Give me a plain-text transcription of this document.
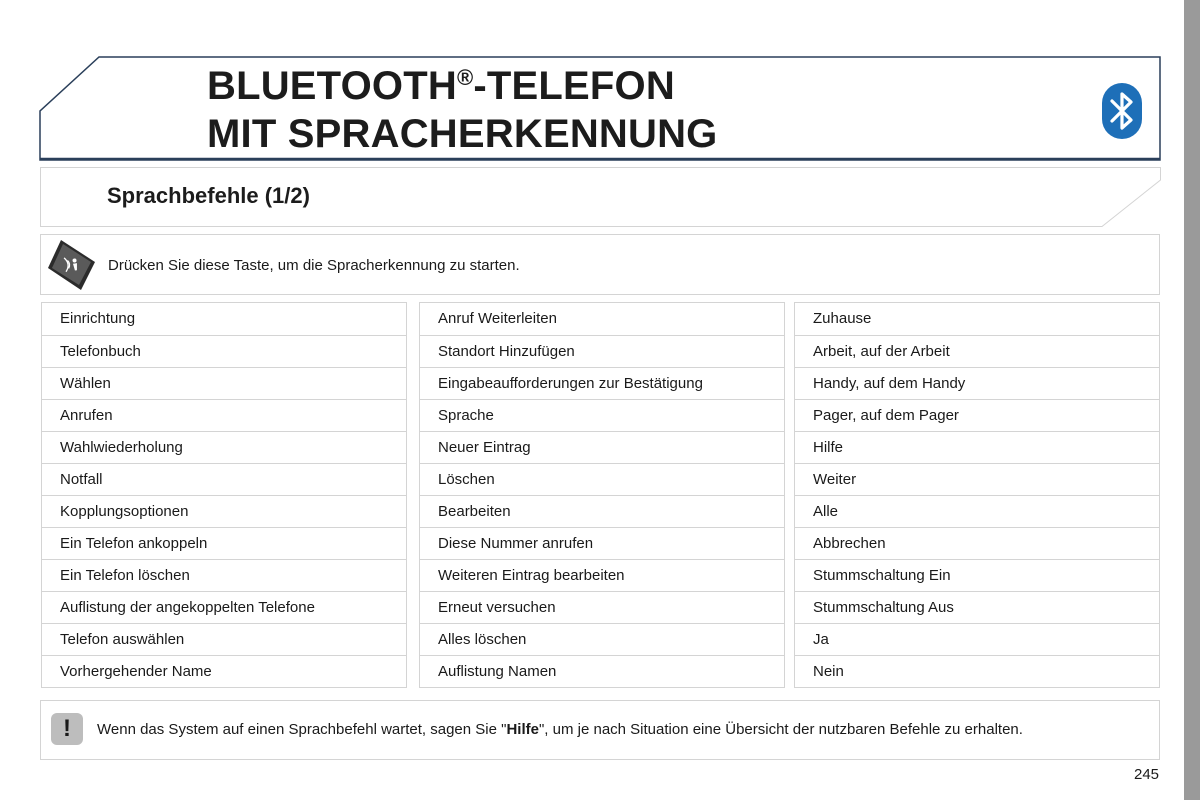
BLUETOOTH®-TELEFON
MIT SPRACHERKENNUNG
Sprachbefehle (1/2)
Drücken Sie diese Taste, um die Spracherkennung zu starten.
Einrichtung
Telefonbuch
Wählen
Anrufen
Wahlwiederholung
Notfall
Kopplungsoptionen
Ein Telefon ankoppeln
Ein Telefon löschen
Auflistung der angekoppelten Telefone
Telefon auswählen
Vorhergehender Name
Anruf Weiterleiten
Standort Hinzufügen
Eingabeaufforderungen zur Bestätigung
Sprache
Neuer Eintrag
Löschen
Bearbeiten
Diese Nummer anrufen
Weiteren Eintrag bearbeiten
Erneut versuchen
Alles löschen
Auflistung Namen
Zuhause
Arbeit, auf der Arbeit
Handy, auf dem Handy
Pager, auf dem Pager
Hilfe
Weiter
Alle
Abbrechen
Stummschaltung Ein
Stummschaltung Aus
Ja
Nein
!	Wenn das System auf einen Sprachbefehl wartet, sagen Sie "Hilfe", um je nach Situation eine Übersicht der nutzbaren Befehle zu erhalten.
245
